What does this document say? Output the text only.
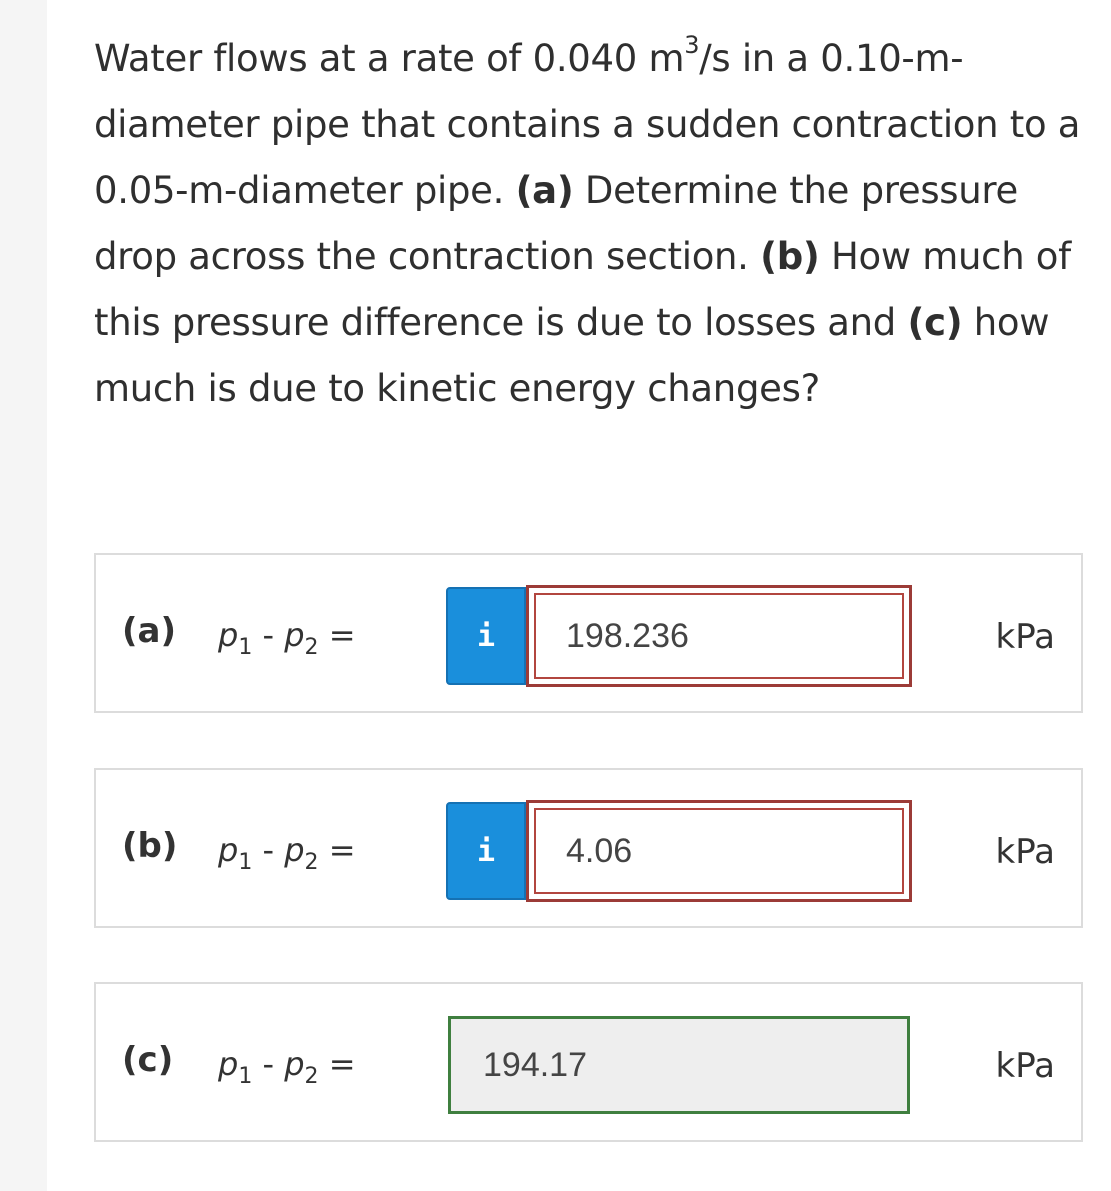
Water flows at a rate of 0.040 $m^3/s$ in a 0.10-m-diameter pipe that contains a sudden contraction to a 0.05-m-diameter pipe. (a) Determine the pressure drop across the contraction section. (b) How much of this pressure difference is due to losses and (c) how much is due to kinetic energy changes?
(a) $p_1 - p_2$ =	i	198.236	kPa
(b) $p_1 - p_2$ =	i	4.06	kPa
(c) $p_1 - p_2$ =	194.17	kPa
